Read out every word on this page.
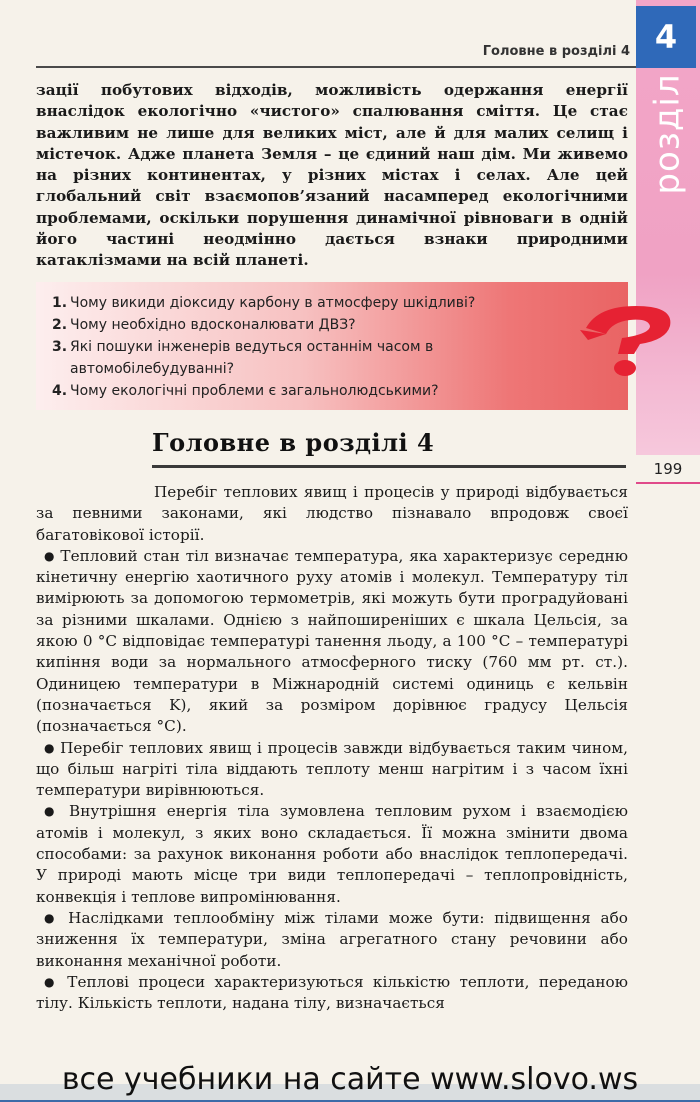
4
розділ
Головне в розділі 4

зації побутових відходів, можливість одержання енергії внаслідок екологічно «чистого» спалювання сміття. Це стає важливим не лише для великих міст, але й для малих селищ і містечок. Адже планета Земля – це єдиний наш дім. Ми живемо на різних континентах, у різних містах і селах. Але цей глобальний світ взаємопов’язаний насамперед екологічними проблемами, оскільки порушення динамічної рівноваги в одній його частині неодмінно дається взнаки природними катаклізмами на всій планеті.

1. Чому викиди діоксиду карбону в атмосферу шкідливі?
2. Чому необхідно вдосконалювати ДВЗ?
3. Які пошуки інженерів ведуться останнім часом в автомобілебудуванні?
4. Чому екологічні проблеми є загальнолюдськими?
Головне в розділі 4
199

Перебіг теплових явищ і процесів у природі відбувається за певними законами, які людство пізнавало впродовж своєї багатовікової історії.

● Тепловий стан тіл визначає температура, яка характеризує середню кінетичну енергію хаотичного руху атомів і молекул. Температуру тіл вимірюють за допомогою термометрів, які можуть бути проградуйовані за різними шкалами. Однією з найпоширеніших є шкала Цельсія, за якою 0 °С відповідає температурі танення льоду, а 100 °С – температурі кипіння води за нормального атмосферного тиску (760 мм рт. ст.). Одиницею температури в Міжнародній системі одиниць є кельвін (позначається K), який за розміром дорівнює градусу Цельсія (позначається °С).

● Перебіг теплових явищ і процесів завжди відбувається таким чином, що більш нагріті тіла віддають теплоту менш нагрітим і з часом їхні температури вирівнюються.

● Внутрішня енергія тіла зумовлена тепловим рухом і взаємодією атомів і молекул, з яких воно складається. Її можна змінити двома способами: за рахунок виконання роботи або внаслідок теплопередачі. У природі мають місце три види теплопередачі – теплопровідність, конвекція і теплове випромінювання.

● Наслідками теплообміну між тілами може бути: підвищення або зниження їх температури, зміна агрегатного стану речовини або виконання механічної роботи.

● Теплові процеси характеризуються кількістю теплоти, переданою тілу. Кількість теплоти, надана тілу, визначається

все учебники на сайте www.slovo.ws
